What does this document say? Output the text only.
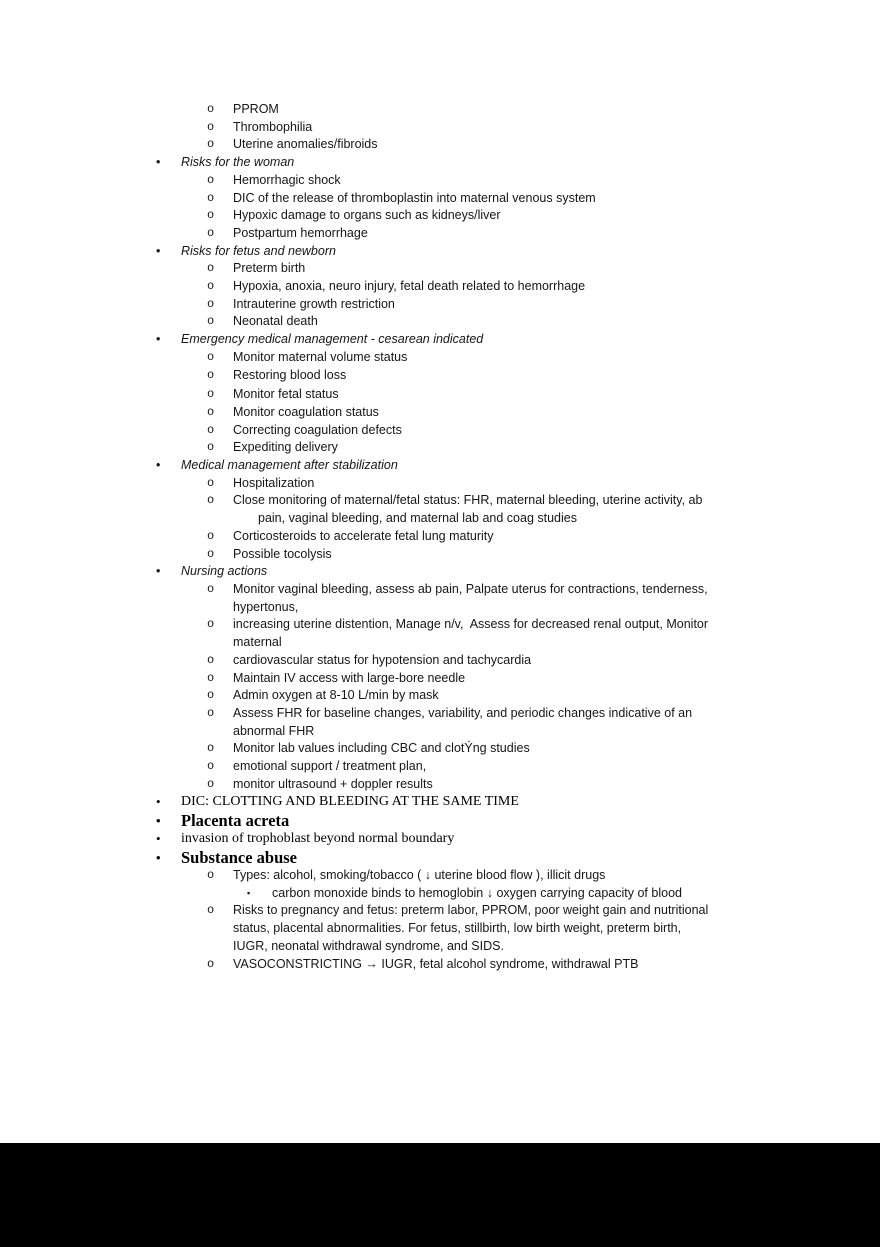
o PPROM
o Thrombophilia
o Uterine anomalies/fibroids
• Risks for the woman
o Hemorrhagic shock
o DIC of the release of thromboplastin into maternal venous system
o Hypoxic damage to organs such as kidneys/liver
o Postpartum hemorrhage
• Risks for fetus and newborn
o Preterm birth
o Hypoxia, anoxia, neuro injury, fetal death related to hemorrhage
o Intrauterine growth restriction
o Neonatal death
• Emergency medical management - cesarean indicated
o Monitor maternal volume status
o Restoring blood loss
o Monitor fetal status
o Monitor coagulation status
o Correcting coagulation defects
o Expediting delivery
• Medical management after stabilization
o Hospitalization
o Close monitoring of maternal/fetal status: FHR, maternal bleeding, uterine activity, ab
pain, vaginal bleeding, and maternal lab and coag studies
o Corticosteroids to accelerate fetal lung maturity
o Possible tocolysis
• Nursing actions
o Monitor vaginal bleeding, assess ab pain, Palpate uterus for contractions, tenderness,
hypertonus,
o increasing uterine distention, Manage n/v,  Assess for decreased renal output, Monitor
maternal
o cardiovascular status for hypotension and tachycardia
o Maintain IV access with large-bore needle
o Admin oxygen at 8-10 L/min by mask
o Assess FHR for baseline changes, variability, and periodic changes indicative of an
abnormal FHR
o Monitor lab values including CBC and clotÝng studies
o emotional support / treatment plan,
o monitor ultrasound + doppler results
• DIC: CLOTTING AND BLEEDING AT THE SAME TIME
• Placenta acreta
• invasion of trophoblast beyond normal boundary
• Substance abuse
o Types: alcohol, smoking/tobacco ( ↓ uterine blood flow ), illicit drugs
▪ carbon monoxide binds to hemoglobin ↓ oxygen carrying capacity of blood
o Risks to pregnancy and fetus: preterm labor, PPROM, poor weight gain and nutritional
status, placental abnormalities. For fetus, stillbirth, low birth weight, preterm birth,
IUGR, neonatal withdrawal syndrome, and SIDS.
o VASOCONSTRICTING → IUGR, fetal alcohol syndrome, withdrawal PTB
